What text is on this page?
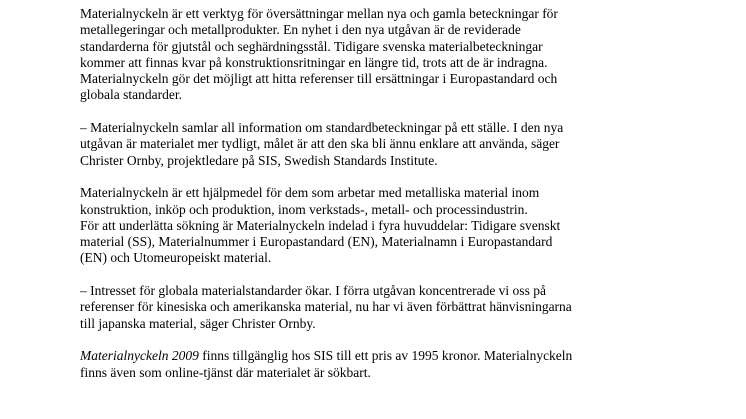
Materialnyckeln är ett verktyg för översättningar mellan nya och gamla beteckningar för
metallegeringar och metallprodukter. En nyhet i den nya utgåvan är de reviderade
standarderna för gjutstål och seghärdningsstål. Tidigare svenska materialbeteckningar
kommer att finnas kvar på konstruktionsritningar en längre tid, trots att de är indragna.
Materialnyckeln gör det möjligt att hitta referenser till ersättningar i Europastandard och
globala standarder.

– Materialnyckeln samlar all information om standardbeteckningar på ett ställe. I den nya
utgåvan är materialet mer tydligt, målet är att den ska bli ännu enklare att använda, säger
Christer Ornby, projektledare på SIS, Swedish Standards Institute.

Materialnyckeln är ett hjälpmedel för dem som arbetar med metalliska material inom
konstruktion, inköp och produktion, inom verkstads-, metall- och processindustrin.
För att underlätta sökning är Materialnyckeln indelad i fyra huvuddelar: Tidigare svenskt
material (SS), Materialnummer i Europastandard (EN), Materialnamn i Europastandard
(EN) och Utomeuropeiskt material.

– Intresset för globala materialstandarder ökar. I förra utgåvan koncentrerade vi oss på
referenser för kinesiska och amerikanska material, nu har vi även förbättrat hänvisningarna
till japanska material, säger Christer Ornby.

Materialnyckeln 2009 finns tillgänglig hos SIS till ett pris av 1995 kronor. Materialnyckeln
finns även som online-tjänst där materialet är sökbart.
